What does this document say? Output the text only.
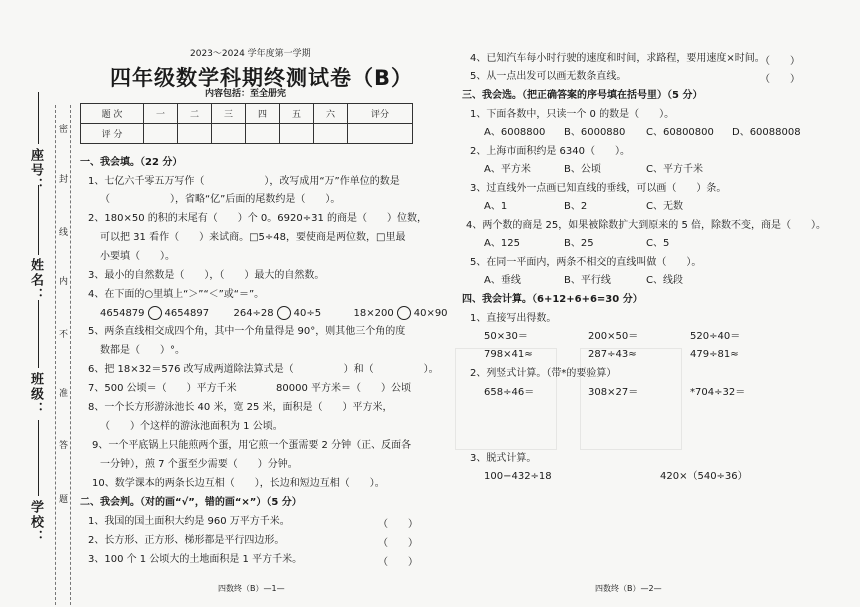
座号：
姓名：
班级：
学校：
密
封
线
内
不
准
答
题
2023～2024 学年度第一学期
四年级数学科期终测试卷（B）
内容包括：至全册完
题 次	一	二	三	四	五	六	评分
评 分							
一、我会填。（22 分）
1、七亿六千零五万写作（　　　　　　），改写成用“万”作单位的数是
（　　　　　　），省略“亿”后面的尾数约是（　　）。
2、180×50 的积的末尾有（　　）个 0。6920÷31 的商是（　　）位数，
可以把 31 看作（　　）来试商。□5÷48，要使商是两位数，□里最
小要填（　　）。
3、最小的自然数是（　　），（　　）最大的自然数。
4、在下面的○里填上“＞”“＜”或“＝”。
4654879 4654897 264÷28 40÷5	18×200 40×90
5、两条直线相交成四个角，其中一个角量得是 90°，则其他三个角的度
数都是（　　）°。
6、把 18×32＝576 改写成两道除法算式是（　　　　　）和（　　　　　）。
7、500 公顷＝（　　）平方千米	80000 平方米＝（　　）公顷
8、一个长方形游泳池长 40 米，宽 25 米，面积是（　　）平方米，
（　　）个这样的游泳池面积为 1 公顷。
9、一个平底锅上只能煎两个蛋，用它煎一个蛋需要 2 分钟（正、反面各
一分钟），煎 7 个蛋至少需要（　　）分钟。
10、数学课本的两条长边互相（　　），长边和短边互相（　　）。
二、我会判。（对的画“√”，错的画“×”）（5 分）
1、我国的国土面积大约是 960 万平方千米。	（　　）
2、长方形、正方形、梯形都是平行四边形。	（　　）
3、100 个 1 公顷大的土地面积是 1 平方千米。	（　　）
四数终（B）—1—
4、已知汽车每小时行驶的速度和时间，求路程，要用速度×时间。
（　　）
5、从一点出发可以画无数条直线。	（　　）
三、我会选。（把正确答案的序号填在括号里）（5 分）
1、下面各数中，只读一个 0 的数是（　　）。
A、6008800 B、6000880 C、60800800 D、60088008
2、上海市面积约是 6340（　　）。
A、平方米	B、公顷	C、平方千米
3、过直线外一点画已知直线的垂线，可以画（　　）条。
A、1	B、2	C、无数
4、两个数的商是 25，如果被除数扩大到原来的 5 倍，除数不变，商是（　　）。
A、125	B、25	C、5
5、在同一平面内，两条不相交的直线叫做（　　）。
A、垂线	B、平行线	C、线段
四、我会计算。（6+12+6+6=30 分）
1、直接写出得数。
50×30＝	200×50＝	520÷40＝
798×41≈	287÷43≈	479÷81≈
2、列竖式计算。（带*的要验算）
658÷46＝	308×27＝	*704÷32＝
3、脱式计算。
100−432÷18	420×（540÷36）
四数终（B）—2—
